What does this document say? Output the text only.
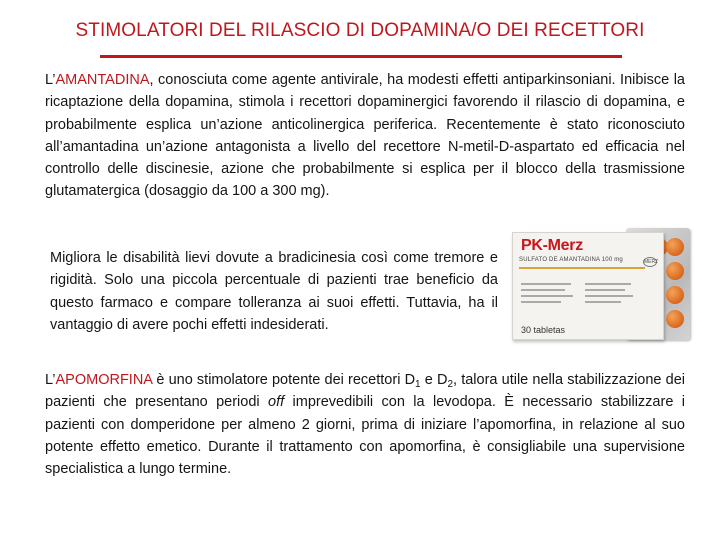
STIMOLATORI DEL RILASCIO DI DOPAMINA/O DEI RECETTORI

L’AMANTADINA, conosciuta come agente antivirale, ha modesti effetti antiparkinsoniani. Inibisce la ricaptazione della dopamina, stimola i recettori dopaminergici favorendo il rilascio di dopamina, e probabilmente esplica un’azione anticolinergica periferica. Recentemente è stato riconosciuto all’amantadina un’azione antagonista a livello del recettore N-metil-D-aspartato ed efficacia nel controllo delle discinesie, azione che probabilmente si esplica per il blocco della trasmissione glutamatergica (dosaggio da 100 a 300 mg).

Migliora le disabilità lievi dovute a bradicinesia così come tremore e rigidità. Solo una piccola percentuale di pazienti trae beneficio da questo farmaco e compare tolleranza ai suoi effetti. Tuttavia, ha il vantaggio di avere pochi effetti indesiderati.

PK-Merz
MERZ
SULFATO DE AMANTADINA 100 mg
30 tabletas

L’APOMORFINA è uno stimolatore potente dei recettori $D_1$ e $D_2$, talora utile nella stabilizzazione dei pazienti che presentano periodi off imprevedibili con la levodopa. È necessario stabilizzare i pazienti con domperidone per almeno 2 giorni, prima di iniziare l’apomorfina, in relazione al suo potente effetto emetico. Durante il trattamento con apomorfina, è consigliabile una supervisione specialistica a lungo termine.
